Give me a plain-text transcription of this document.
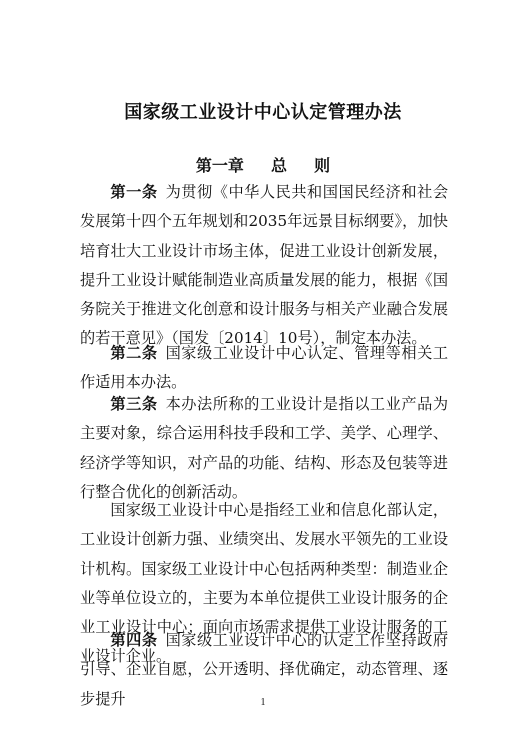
国家级工业设计中心认定管理办法
第一章  总  则
第一条 为贯彻《中华人民共和国国民经济和社会发展第十四个五年规划和2035年远景目标纲要》，加快培育壮大工业设计市场主体，促进工业设计创新发展，提升工业设计赋能制造业高质量发展的能力，根据《国务院关于推进文化创意和设计服务与相关产业融合发展的若干意见》（国发〔2014〕10号），制定本办法。
第二条 国家级工业设计中心认定、管理等相关工作适用本办法。
第三条 本办法所称的工业设计是指以工业产品为主要对象，综合运用科技手段和工学、美学、心理学、经济学等知识，对产品的功能、结构、形态及包装等进行整合优化的创新活动。
国家级工业设计中心是指经工业和信息化部认定，工业设计创新力强、业绩突出、发展水平领先的工业设计机构。国家级工业设计中心包括两种类型：制造业企业等单位设立的，主要为本单位提供工业设计服务的企业工业设计中心；面向市场需求提供工业设计服务的工业设计企业。
第四条 国家级工业设计中心的认定工作坚持政府引导、企业自愿，公开透明、择优确定，动态管理、逐步提升	1
